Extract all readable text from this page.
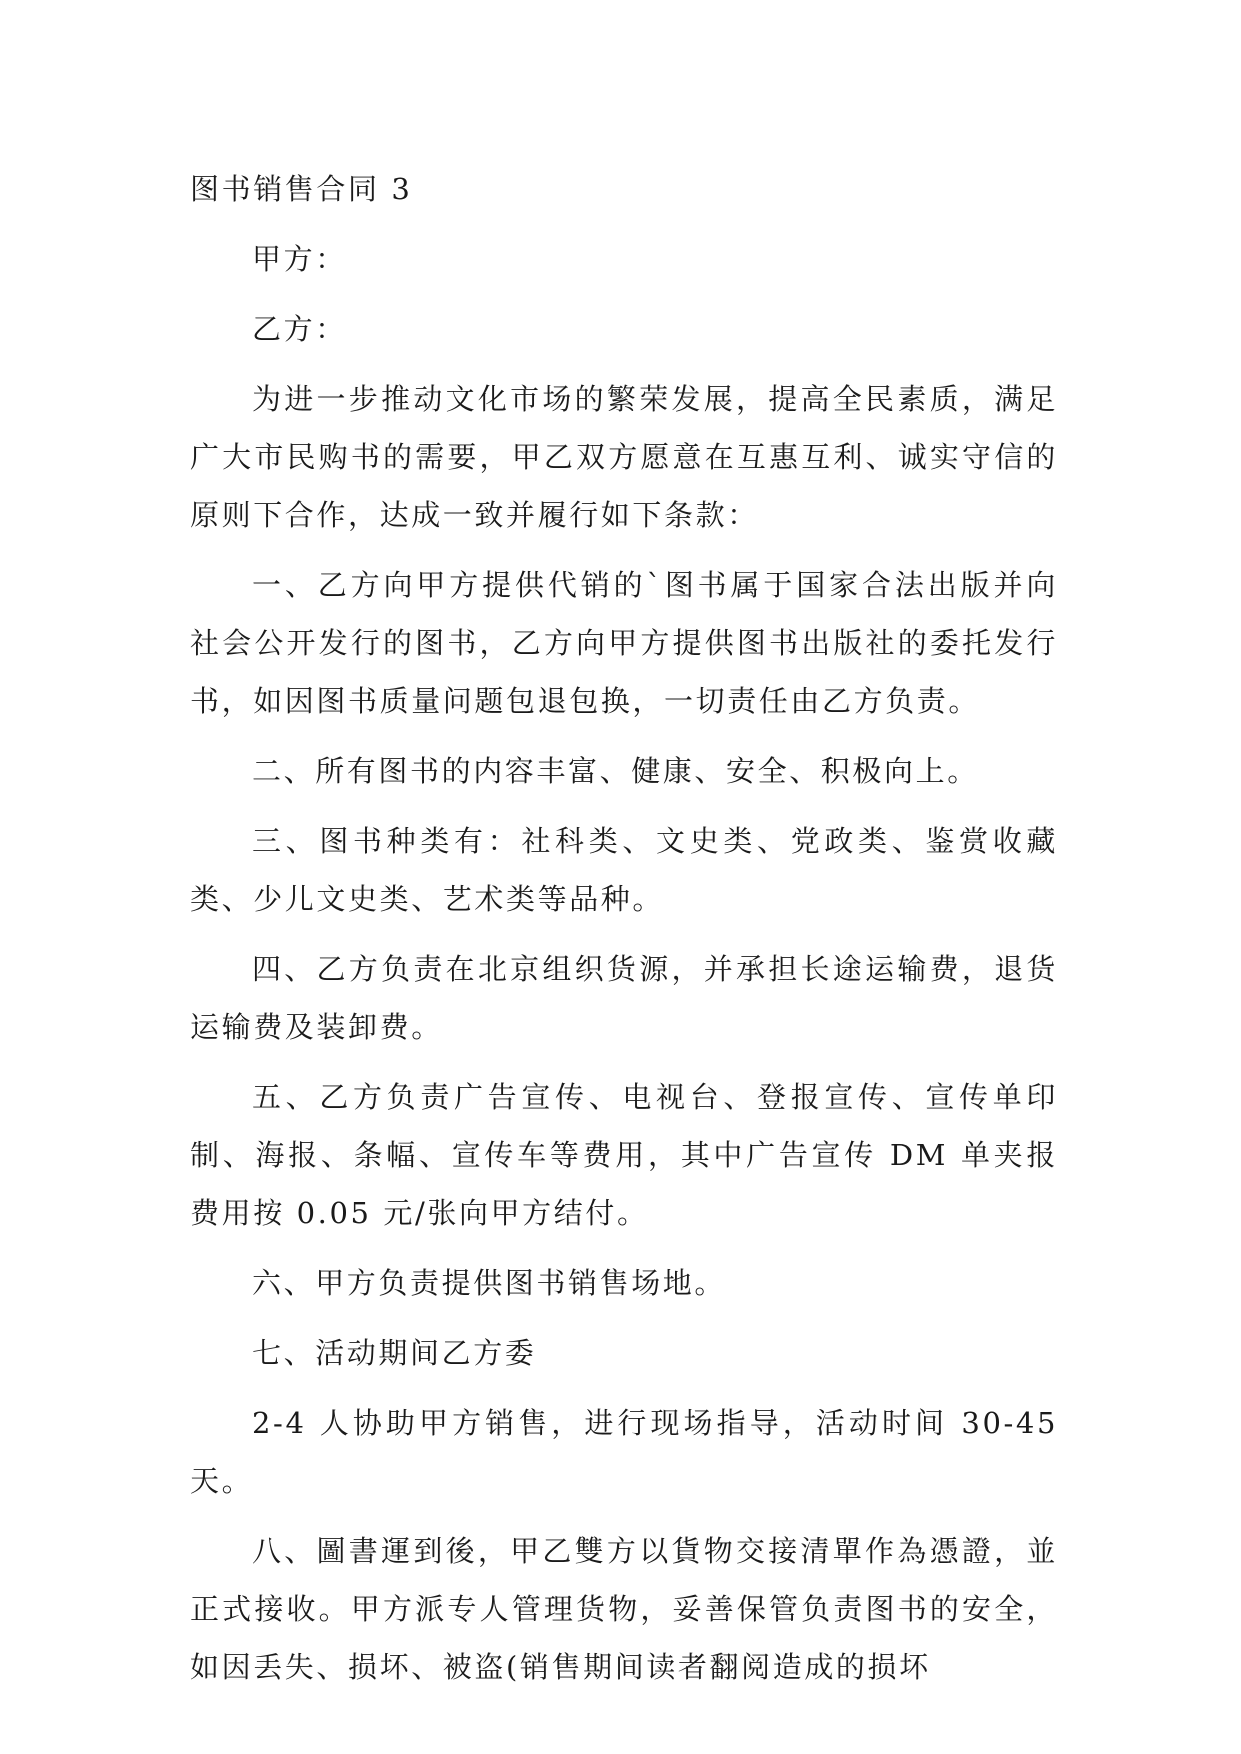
图书销售合同 3

甲方：

乙方：

为进一步推动文化市场的繁荣发展，提高全民素质，满足广大市民购书的需要，甲乙双方愿意在互惠互利、诚实守信的原则下合作，达成一致并履行如下条款：

一、乙方向甲方提供代销的`图书属于国家合法出版并向社会公开发行的图书，乙方向甲方提供图书出版社的委托发行书，如因图书质量问题包退包换，一切责任由乙方负责。

二、所有图书的内容丰富、健康、安全、积极向上。

三、图书种类有：社科类、文史类、党政类、鉴赏收藏类、少儿文史类、艺术类等品种。

四、乙方负责在北京组织货源，并承担长途运输费，退货运输费及装卸费。

五、乙方负责广告宣传、电视台、登报宣传、宣传单印制、海报、条幅、宣传车等费用，其中广告宣传 DM 单夹报费用按 0.05 元/张向甲方结付。

六、甲方负责提供图书销售场地。

七、活动期间乙方委

2-4 人协助甲方销售，进行现场指导，活动时间 30-45 天。

八、圖書運到後，甲乙雙方以貨物交接清單作為憑證，並正式接收。甲方派专人管理货物，妥善保管负责图书的安全，如因丢失、损坏、被盗(销售期间读者翻阅造成的损坏
